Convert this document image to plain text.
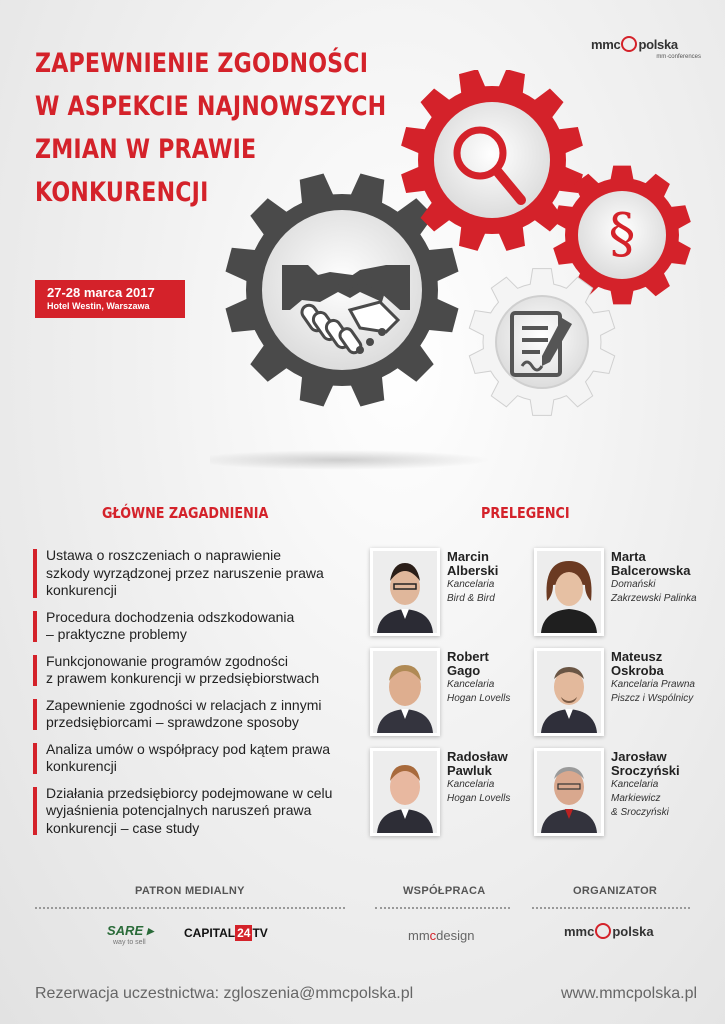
ZAPEWNIENIE ZGODNOŚCI
W ASPEKCIE NAJNOWSZYCH
ZMIAN W PRAWIE
KONKURENCJI
mmc polska
mm·conferences
27-28 marca 2017
Hotel Westin, Warszawa
§
GŁÓWNE ZAGADNIENIA	PRELEGENCI
Ustawa o roszczeniach o naprawienie
szkody wyrządzonej przez naruszenie prawa
konkurencji
Procedura dochodzenia odszkodowania
– praktyczne problemy
Funkcjonowanie programów zgodności
z prawem konkurencji w przedsiębiorstwach
Zapewnienie zgodności w relacjach z innymi
przedsiębiorcami – sprawdzone sposoby
Analiza umów o współpracy pod kątem prawa
konkurencji
Działania przedsiębiorcy podejmowane w celu
wyjaśnienia potencjalnych naruszeń prawa
konkurencji – case study
Marcin
Alberski
Kancelaria
Bird & Bird
Marta
Balcerowska
Domański
Zakrzewski Palinka
Robert
Gago
Kancelaria
Hogan Lovells
Mateusz
Oskroba
Kancelaria Prawna
Piszcz i Wspólnicy
Radosław
Pawluk
Kancelaria
Hogan Lovells
Jarosław
Sroczyński
Kancelaria
Markiewicz
& Sroczyński
PATRON MEDIALNY	WSPÓŁPRACA	ORGANIZATOR
SARE ▸
way to sell
CAPITAL 24 TV	mmcdesign	mmc polska
Rezerwacja uczestnictwa: zgloszenia@mmcpolska.pl	www.mmcpolska.pl
